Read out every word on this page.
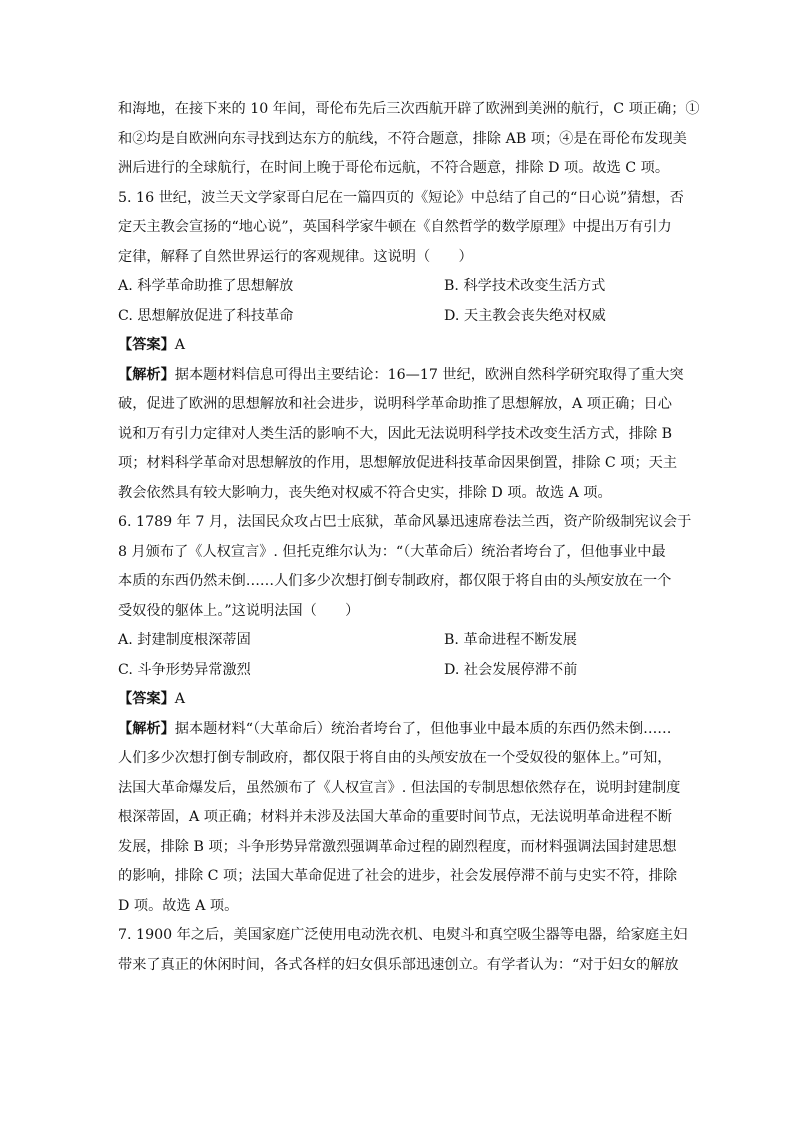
和海地，在接下来的 10 年间，哥伦布先后三次西航开辟了欧洲到美洲的航行，C 项正确；①
和②均是自欧洲向东寻找到达东方的航线，不符合题意，排除 AB 项；④是在哥伦布发现美
洲后进行的全球航行，在时间上晚于哥伦布远航，不符合题意，排除 D 项。故选 C 项。
5. 16 世纪，波兰天文学家哥白尼在一篇四页的《短论》中总结了自己的“日心说”猜想，否
定天主教会宣扬的“地心说”，英国科学家牛顿在《自然哲学的数学原理》中提出万有引力
定律，解释了自然世界运行的客观规律。这说明（　　）
A. 科学革命助推了思想解放	B. 科学技术改变生活方式
C. 思想解放促进了科技革命	D. 天主教会丧失绝对权威
【答案】A
【解析】据本题材料信息可得出主要结论：16—17 世纪，欧洲自然科学研究取得了重大突
破，促进了欧洲的思想解放和社会进步，说明科学革命助推了思想解放，A 项正确；日心
说和万有引力定律对人类生活的影响不大，因此无法说明科学技术改变生活方式，排除 B
项；材料科学革命对思想解放的作用，思想解放促进科技革命因果倒置，排除 C 项；天主
教会依然具有较大影响力，丧失绝对权威不符合史实，排除 D 项。故选 A 项。
6. 1789 年 7 月，法国民众攻占巴士底狱，革命风暴迅速席卷法兰西，资产阶级制宪议会于
8 月颁布了《人权宣言》. 但托克维尔认为：“（大革命后）统治者垮台了，但他事业中最
本质的东西仍然未倒……人们多少次想打倒专制政府，都仅限于将自由的头颅安放在一个
受奴役的躯体上。”这说明法国（　　）
A. 封建制度根深蒂固	B. 革命进程不断发展
C. 斗争形势异常激烈	D. 社会发展停滞不前
【答案】A
【解析】据本题材料“（大革命后）统治者垮台了，但他事业中最本质的东西仍然未倒……
人们多少次想打倒专制政府，都仅限于将自由的头颅安放在一个受奴役的躯体上。”可知，
法国大革命爆发后，虽然颁布了《人权宣言》. 但法国的专制思想依然存在，说明封建制度
根深蒂固，A 项正确；材料并未涉及法国大革命的重要时间节点，无法说明革命进程不断
发展，排除 B 项；斗争形势异常激烈强调革命过程的剧烈程度，而材料强调法国封建思想
的影响，排除 C 项；法国大革命促进了社会的进步，社会发展停滞不前与史实不符，排除
D 项。故选 A 项。
7. 1900 年之后，美国家庭广泛使用电动洗衣机、电熨斗和真空吸尘器等电器，给家庭主妇
带来了真正的休闲时间，各式各样的妇女俱乐部迅速创立。有学者认为：“对于妇女的解放
